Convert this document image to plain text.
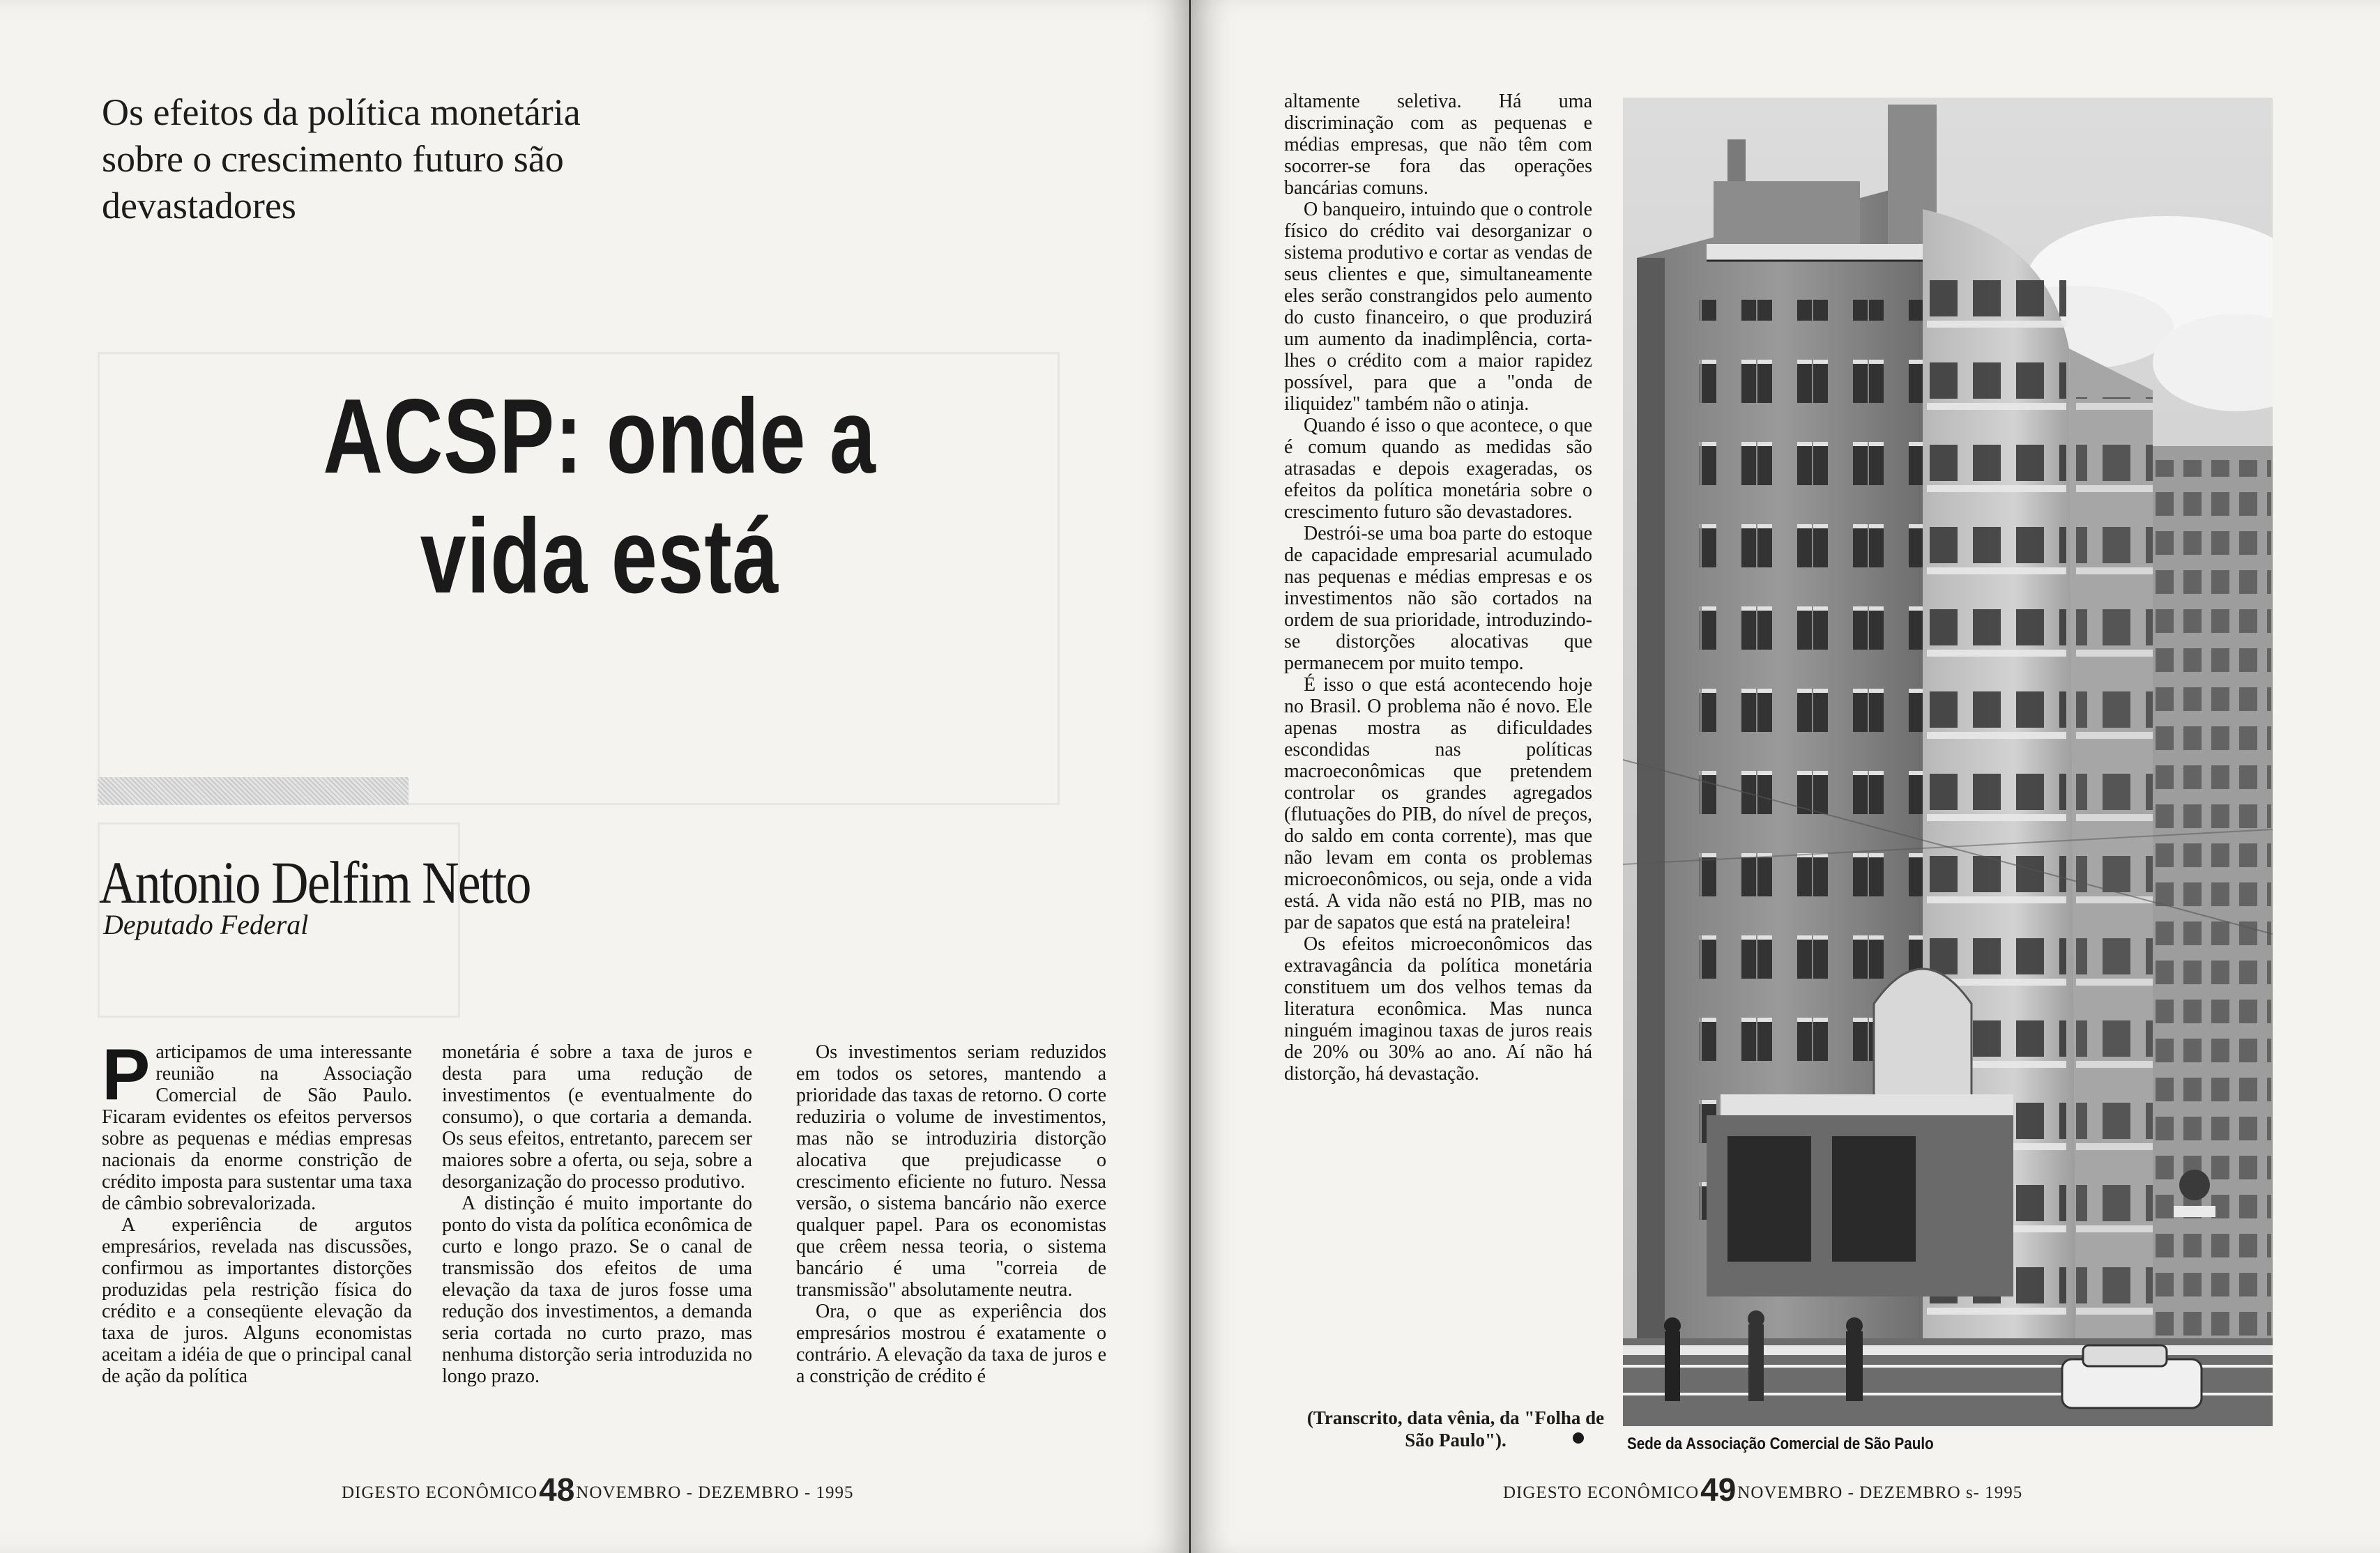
Os efeitos da política monetária sobre o crescimento futuro são devastadores
ACSP: onde a
vida está
Antonio Delfim Netto
Deputado Federal

Participamos de uma interessante reunião na Associação Comercial de São Paulo. Ficaram evidentes os efeitos perversos sobre as pequenas e médias empresas nacionais da enorme constrição de crédito imposta para sustentar uma taxa de câmbio sobrevalorizada.

A experiência de argutos empresários, revelada nas discussões, confirmou as importantes distorções produzidas pela restrição física do crédito e a conseqüente elevação da taxa de juros. Alguns economistas aceitam a idéia de que o principal canal de ação da política

monetária é sobre a taxa de juros e desta para uma redução de investimentos (e eventualmente do consumo), o que cortaria a demanda. Os seus efeitos, entretanto, parecem ser maiores sobre a oferta, ou seja, sobre a desorganização do processo produtivo.

A distinção é muito importante do ponto do vista da política econômica de curto e longo prazo. Se o canal de transmissão dos efeitos de uma elevação da taxa de juros fosse uma redução dos investimentos, a demanda seria cortada no curto prazo, mas nenhuma distorção seria introduzida no longo prazo.

Os investimentos seriam reduzidos em todos os setores, mantendo a prioridade das taxas de retorno. O corte reduziria o volume de investimentos, mas não se introduziria distorção alocativa que prejudicasse o crescimento eficiente no futuro. Nessa versão, o sistema bancário não exerce qualquer papel. Para os economistas que crêem nessa teoria, o sistema bancário é uma "correia de transmissão" absolutamente neutra.

Ora, o que as experiência dos empresários mostrou é exatamente o contrário. A elevação da taxa de juros e a constrição de crédito é

DIGESTO ECONÔMICO48NOVEMBRO - DEZEMBRO - 1995

altamente seletiva. Há uma discriminação com as pequenas e médias empresas, que não têm com socorrer-se fora das operações bancárias comuns.

O banqueiro, intuindo que o controle físico do crédito vai desorganizar o sistema produtivo e cortar as vendas de seus clientes e que, simultaneamente eles serão constrangidos pelo aumento do custo financeiro, o que produzirá um aumento da inadimplência, corta-lhes o crédito com a maior rapidez possível, para que a "onda de iliquidez" também não o atinja.

Quando é isso o que acontece, o que é comum quando as medidas são atrasadas e depois exageradas, os efeitos da política monetária sobre o crescimento futuro são devastadores.

Destrói-se uma boa parte do estoque de capacidade empresarial acumulado nas pequenas e médias empresas e os investimentos não são cortados na ordem de sua prioridade, introduzindo-se distorções alocativas que permanecem por muito tempo.

É isso o que está acontecendo hoje no Brasil. O problema não é novo. Ele apenas mostra as dificuldades escondidas nas políticas macroeconômicas que pretendem controlar os grandes agregados (flutuações do PIB, do nível de preços, do saldo em conta corrente), mas que não levam em conta os problemas microeconômicos, ou seja, onde a vida está. A vida não está no PIB, mas no par de sapatos que está na prateleira!

Os efeitos microeconômicos das extravagância da política monetária constituem um dos velhos temas da literatura econômica. Mas nunca ninguém imaginou taxas de juros reais de 20% ou 30% ao ano. Aí não há distorção, há devastação.

(Transcrito, data vênia, da "Folha de São Paulo").	Sede da Associação Comercial de São Paulo
DIGESTO ECONÔMICO49NOVEMBRO - DEZEMBRO s- 1995
